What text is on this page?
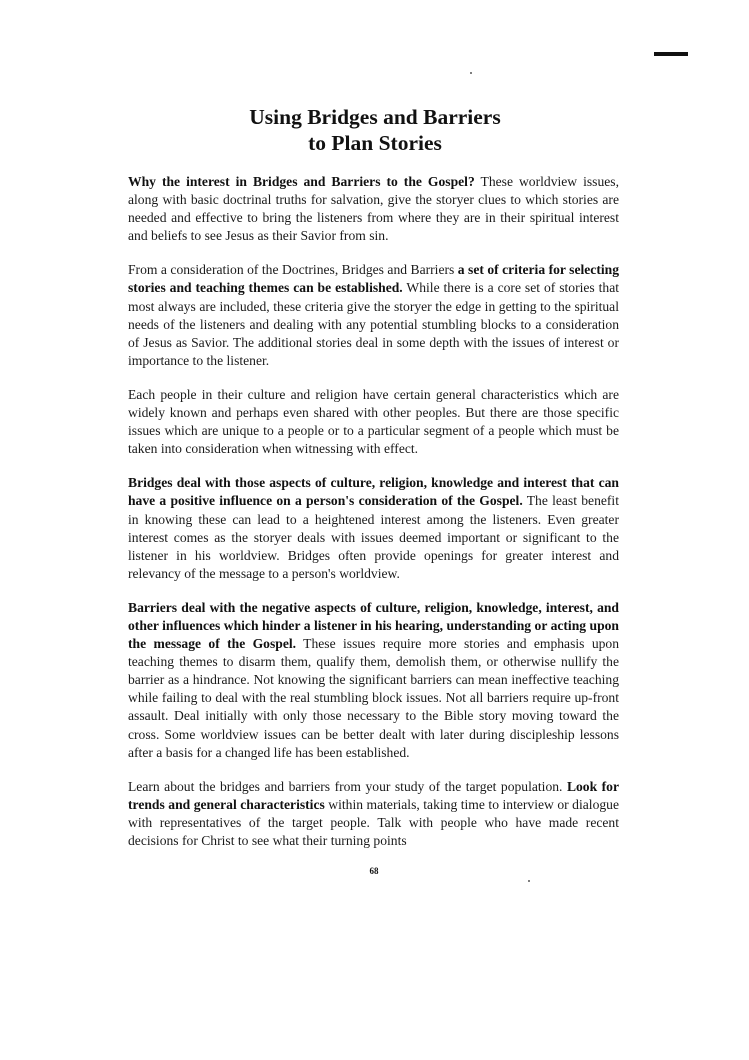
Using Bridges and Barriers
to Plan Stories

Why the interest in Bridges and Barriers to the Gospel? These worldview issues, along with basic doctrinal truths for salvation, give the storyer clues to which stories are needed and effective to bring the listeners from where they are in their spiritual interest and beliefs to see Jesus as their Savior from sin.

From a consideration of the Doctrines, Bridges and Barriers a set of criteria for selecting stories and teaching themes can be established. While there is a core set of stories that most always are included, these criteria give the storyer the edge in getting to the spiritual needs of the listeners and dealing with any potential stumbling blocks to a consideration of Jesus as Savior. The additional stories deal in some depth with the issues of interest or importance to the listener.

Each people in their culture and religion have certain general characteristics which are widely known and perhaps even shared with other peoples. But there are those specific issues which are unique to a people or to a particular segment of a people which must be taken into consideration when witnessing with effect.

Bridges deal with those aspects of culture, religion, knowledge and interest that can have a positive influence on a person's consideration of the Gospel. The least benefit in knowing these can lead to a heightened interest among the listeners. Even greater interest comes as the storyer deals with issues deemed important or significant to the listener in his worldview. Bridges often provide openings for greater interest and relevancy of the message to a person's worldview.

Barriers deal with the negative aspects of culture, religion, knowledge, interest, and other influences which hinder a listener in his hearing, understanding or acting upon the message of the Gospel. These issues require more stories and emphasis upon teaching themes to disarm them, qualify them, demolish them, or otherwise nullify the barrier as a hindrance. Not knowing the significant barriers can mean ineffective teaching while failing to deal with the real stumbling block issues. Not all barriers require up-front assault. Deal initially with only those necessary to the Bible story moving toward the cross. Some worldview issues can be better dealt with later during discipleship lessons after a basis for a changed life has been established.

Learn about the bridges and barriers from your study of the target population. Look for trends and general characteristics within materials, taking time to interview or dialogue with representatives of the target people. Talk with people who have made recent decisions for Christ to see what their turning points

68
